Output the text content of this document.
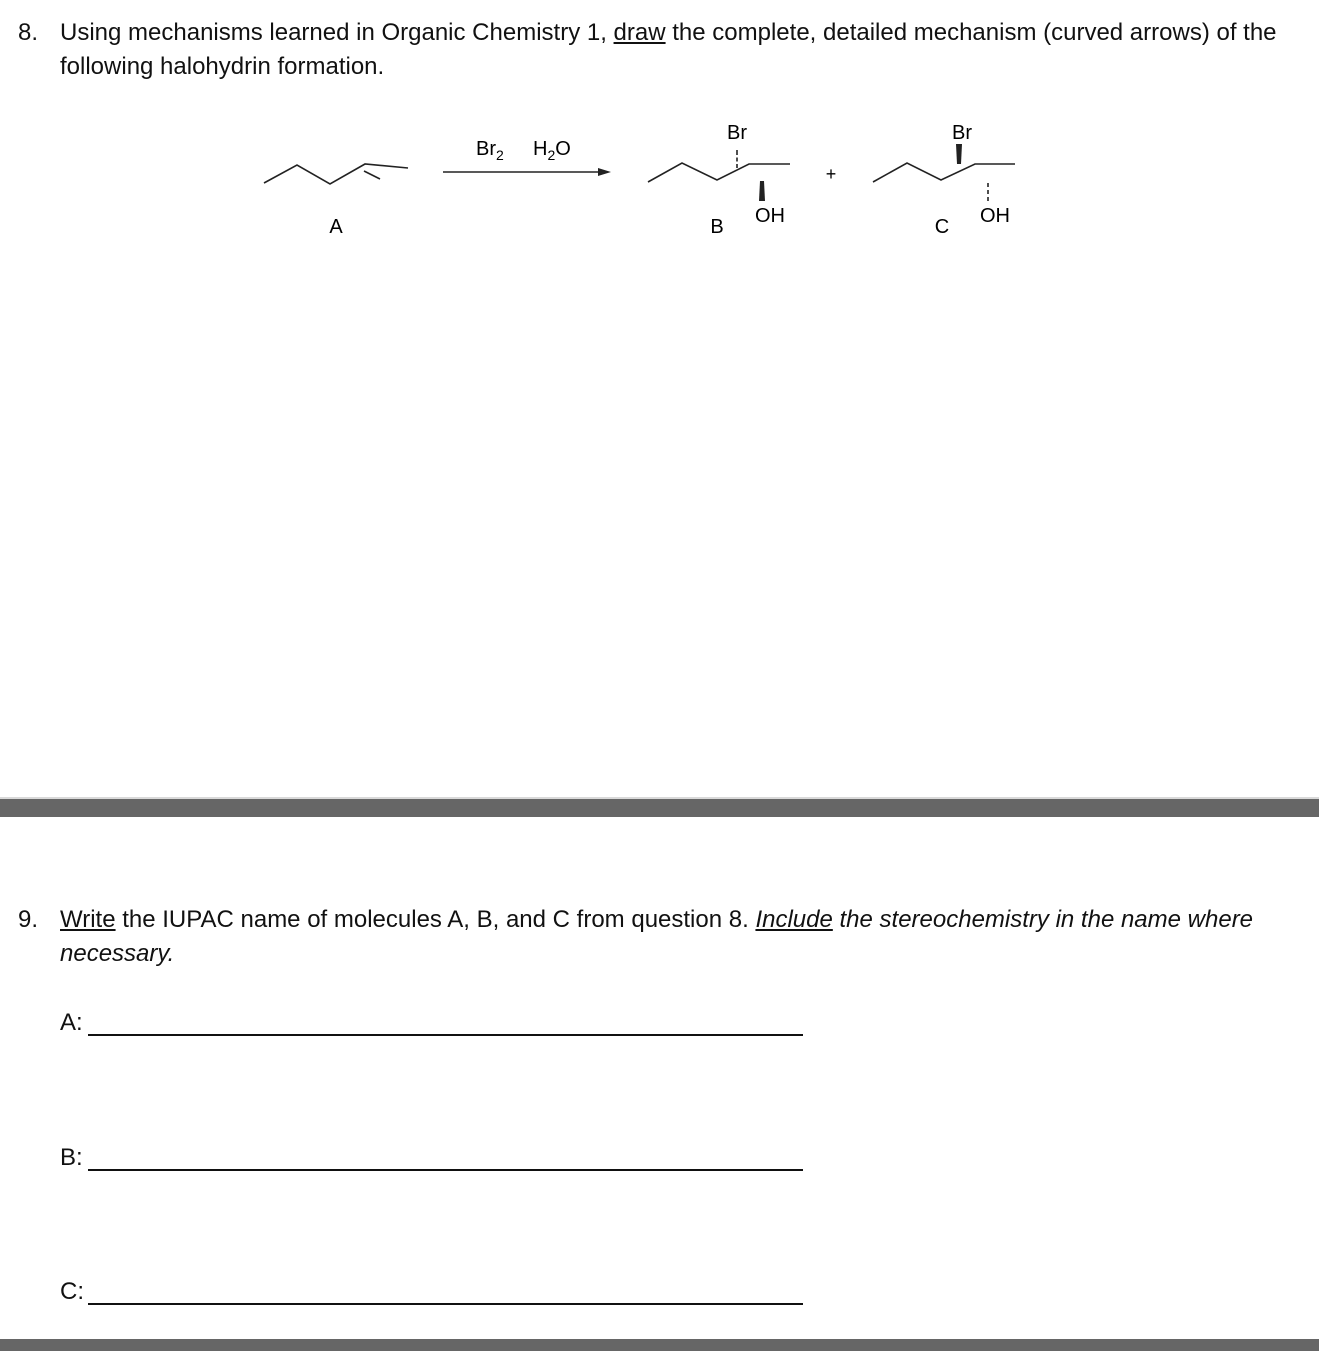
8. Using mechanisms learned in Organic Chemistry 1, draw the complete, detailed mechanism (curved arrows) of the following halohydrin formation.
A
$Br_2$ $H_2O$
Br
OH
B
+
Br
OH
C
9. Write the IUPAC name of molecules A, B, and C from question 8. Include the stereochemistry in the name where necessary.
A:
B:
C:
